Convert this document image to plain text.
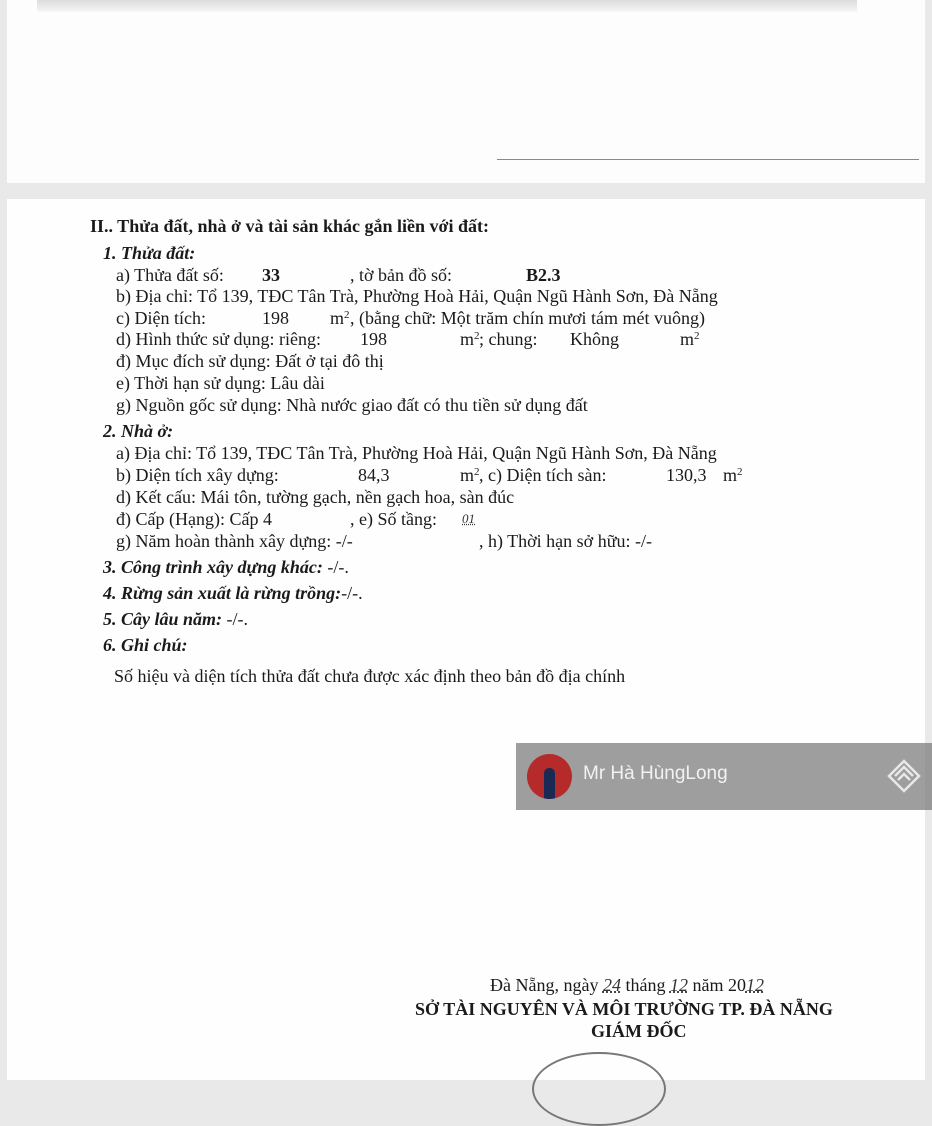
II.. Thửa đất, nhà ở và tài sản khác gắn liền với đất:
1. Thửa đất:
a) Thửa đất số: 33	, tờ bản đồ số:	B2.3
b) Địa chỉ: Tổ 139, TĐC Tân Trà, Phường Hoà Hải, Quận Ngũ Hành Sơn, Đà Nẵng
c) Diện tích:	198 $m^2$ , (bằng chữ: Một trăm chín mươi tám mét vuông)
d) Hình thức sử dụng: riêng: 198	$m^2$ ; chung: Không	$m^2$
đ) Mục đích sử dụng: Đất ở tại đô thị
e) Thời hạn sử dụng: Lâu dài
g) Nguồn gốc sử dụng: Nhà nước giao đất có thu tiền sử dụng đất
2. Nhà ở:
a) Địa chỉ: Tổ 139, TĐC Tân Trà, Phường Hoà Hải, Quận Ngũ Hành Sơn, Đà Nẵng
b) Diện tích xây dựng:	84,3	$m^2$ , c) Diện tích sàn:	130,3 $m^2$
d) Kết cấu: Mái tôn, tường gạch, nền gạch hoa, sàn đúc
đ) Cấp (Hạng): Cấp 4	, e) Số tầng: 01
g) Năm hoàn thành xây dựng: -/-	, h) Thời hạn sở hữu: -/-
3. Công trình xây dựng khác: -/-.
4. Rừng sản xuất là rừng trồng:-/-.
5. Cây lâu năm: -/-.
6. Ghi chú:
Số hiệu và diện tích thửa đất chưa được xác định theo bản đồ địa chính
Mr Hà HùngLong
Đà Nẵng, ngày 24 tháng 12 năm 2012
SỞ TÀI NGUYÊN VÀ MÔI TRƯỜNG TP. ĐÀ NẴNG
GIÁM ĐỐC
